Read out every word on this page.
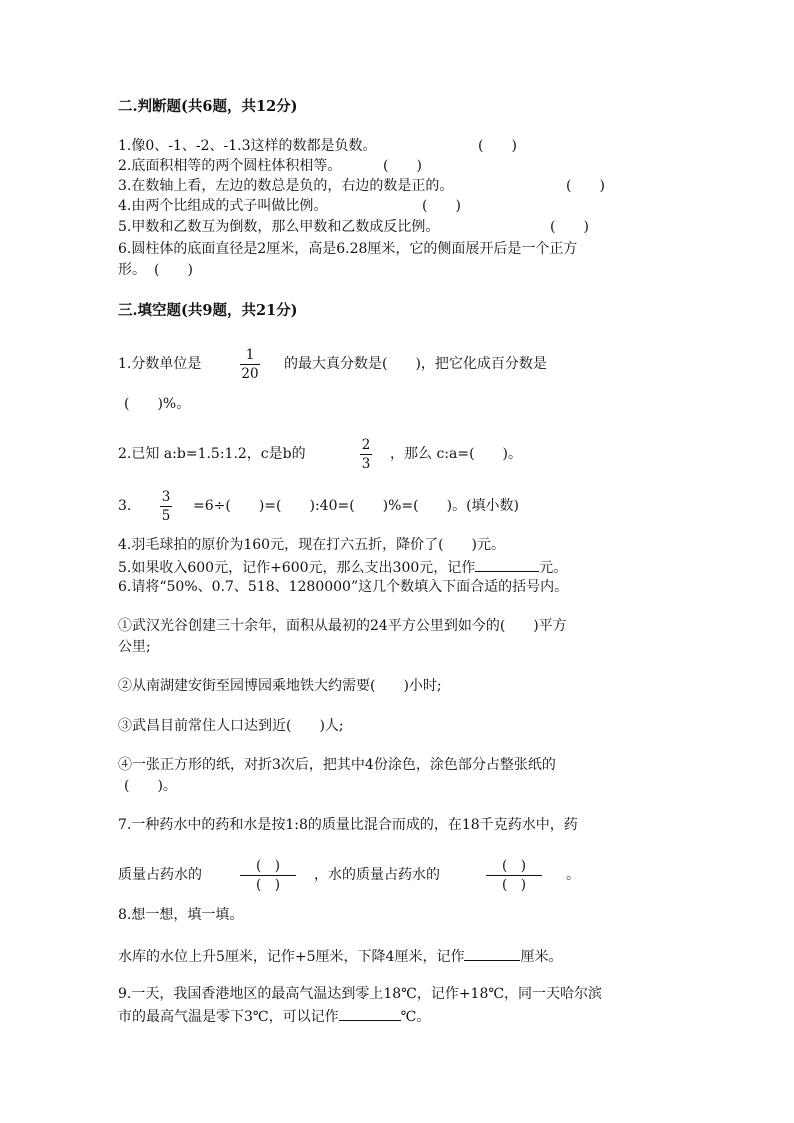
二.判断题(共6题，共12分)
1.像0、-1、-2、-1.3这样的数都是负数。	(　　)
2.底面积相等的两个圆柱体积相等。	(　　)
3.在数轴上看，左边的数总是负的，右边的数是正的。	(　　)
4.由两个比组成的式子叫做比例。	(　　)
5.甲数和乙数互为倒数，那么甲数和乙数成反比例。	(　　)
6.圆柱体的底面直径是2厘米，高是6.28厘米，它的侧面展开后是一个正方
形。 (　　)
三.填空题(共9题，共21分)
1.分数单位是
1
20
的最大真分数是(　　)，把它化成百分数是
(　　)%。
2.已知 a:b=1.5:1.2，c是b的
2
3
，那么 c:a=(　　)。
3.
3
5
=6÷(　　)=(　　):40=(　　)%=(　　)。(填小数)
4.羽毛球拍的原价为160元，现在打六五折，降价了(　　)元。
5.如果收入600元，记作+600元，那么支出300元，记作	元。
6.请将“50%、0.7、518、1280000”这几个数填入下面合适的括号内。
①武汉光谷创建三十余年，面积从最初的24平方公里到如今的(　　)平方
公里;
②从南湖建安街至园博园乘地铁大约需要(　　)小时;
③武昌目前常住人口达到近(　　)人;
④一张正方形的纸，对折3次后，把其中4份涂色，涂色部分占整张纸的
(　　)。
7.一种药水中的药和水是按1:8的质量比混合而成的，在18千克药水中，药
质量占药水的
(　)
(　)
，水的质量占药水的
(　)
(　)
。
8.想一想，填一填。
水库的水位上升5厘米，记作+5厘米，下降4厘米，记作	厘米。
9.一天，我国香港地区的最高气温达到零上18℃，记作+18℃，同一天哈尔滨
市的最高气温是零下3℃，可以记作	℃。
